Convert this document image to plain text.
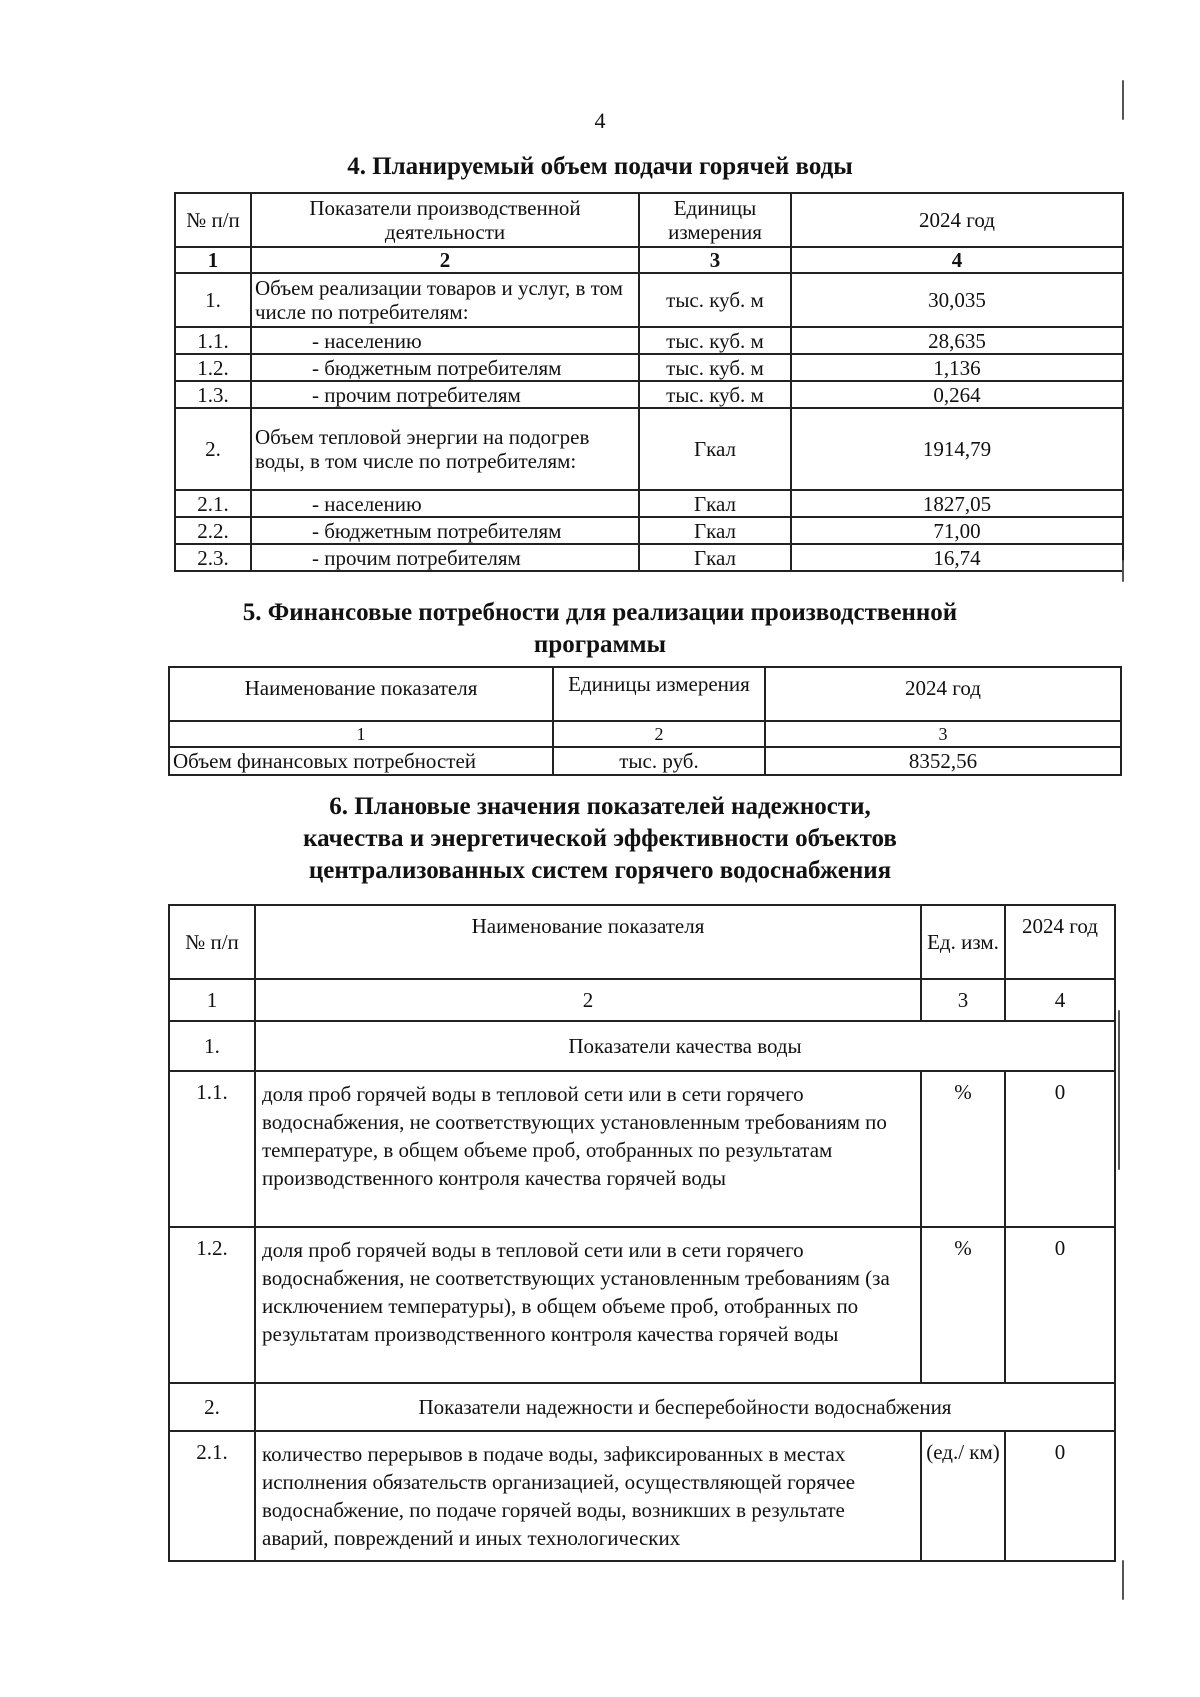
4
4. Планируемый объем подачи горячей воды
№ п/п	Показатели производственной деятельности	Единицы измерения	2024 год
1	2	3	4
1.	Объем реализации товаров и услуг, в том числе по потребителям:	тыс. куб. м	30,035
1.1.	- населению	тыс. куб. м	28,635
1.2.	- бюджетным потребителям	тыс. куб. м	1,136
1.3.	- прочим потребителям	тыс. куб. м	0,264
2.	Объем тепловой энергии на подогрев воды, в том числе по потребителям:	Гкал	1914,79
2.1.	- населению	Гкал	1827,05
2.2.	- бюджетным потребителям	Гкал	71,00
2.3.	- прочим потребителям	Гкал	16,74
5. Финансовые потребности для реализации производственной
программы
Наименование показателя	Единицы измерения	2024 год
1	2	3
Объем финансовых потребностей	тыс. руб.	8352,56
6. Плановые значения показателей надежности,
качества и энергетической эффективности объектов
централизованных систем горячего водоснабжения
№ п/п	Наименование показателя	Ед. изм.	2024 год
1	2	3	4
1.	Показатели качества воды		
1.1.	доля проб горячей воды в тепловой сети или в сети горячего водоснабжения, не соответствующих установленным требованиям по температуре, в общем объеме проб, отобранных по результатам производственного контроля качества горячей воды	%	0
1.2.	доля проб горячей воды в тепловой сети или в сети горячего водоснабжения, не соответствующих установленным требованиям (за исключением температуры), в общем объеме проб, отобранных по результатам производственного контроля качества горячей воды	%	0
2.	Показатели надежности и бесперебойности водоснабжения		
2.1.	количество перерывов в подаче воды, зафиксированных в местах исполнения обязательств организацией, осуществляющей горячее водоснабжение, по подаче горячей воды, возникших в результате аварий, повреждений и иных технологических	(ед./ км)	0
